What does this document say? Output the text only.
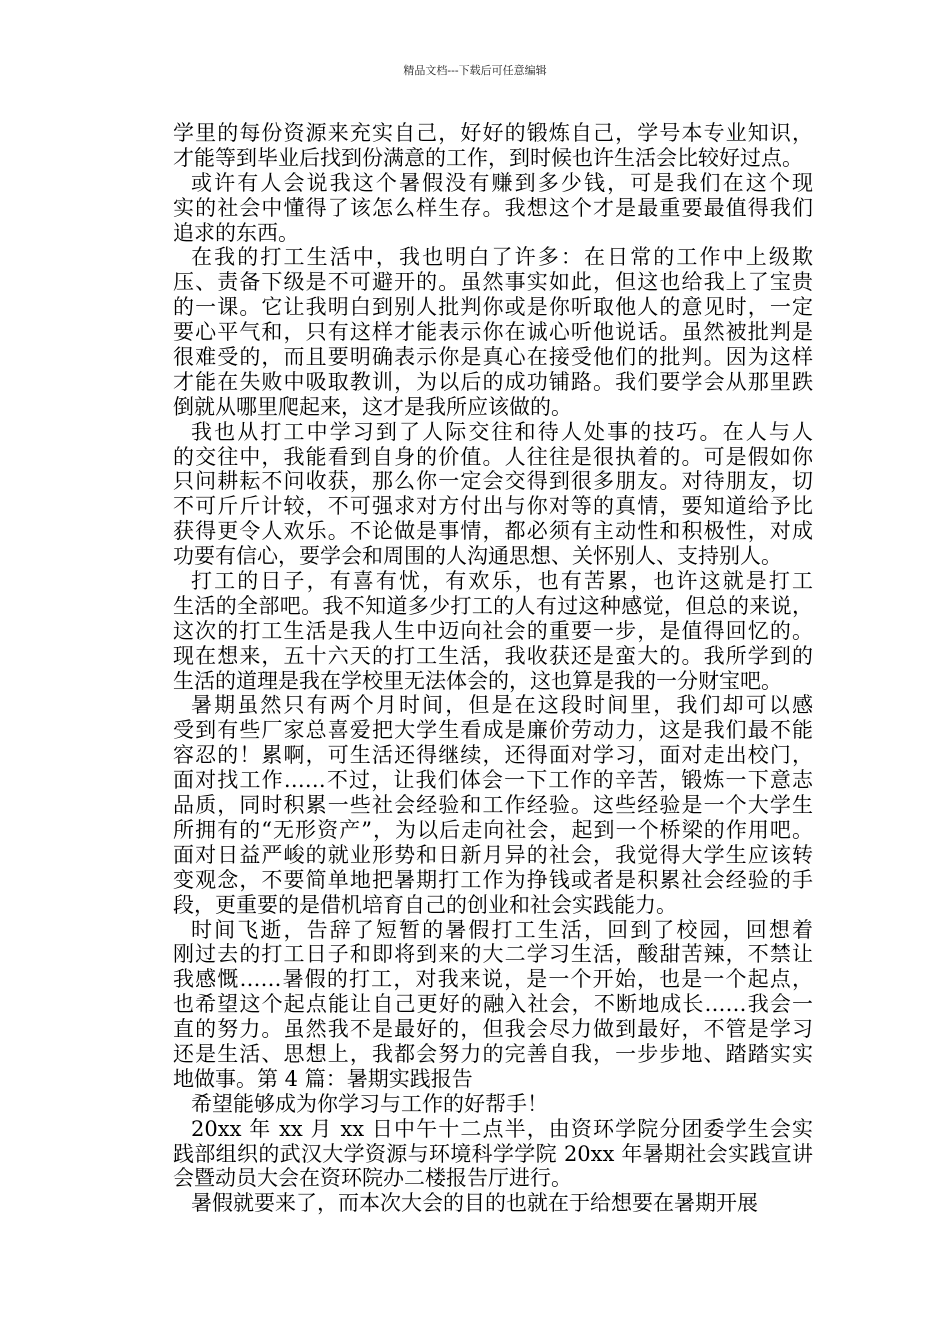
精品文档---下载后可任意编辑
学里的每份资源来充实自己，好好的锻炼自己，学号本专业知识，
才能等到毕业后找到份满意的工作，到时候也许生活会比较好过点。
或许有人会说我这个暑假没有赚到多少钱，可是我们在这个现
实的社会中懂得了该怎么样生存。我想这个才是最重要最值得我们
追求的东西。
在我的打工生活中，我也明白了许多：在日常的工作中上级欺
压、责备下级是不可避开的。虽然事实如此，但这也给我上了宝贵
的一课。它让我明白到别人批判你或是你听取他人的意见时，一定
要心平气和，只有这样才能表示你在诚心听他说话。虽然被批判是
很难受的，而且要明确表示你是真心在接受他们的批判。因为这样
才能在失败中吸取教训，为以后的成功铺路。我们要学会从那里跌
倒就从哪里爬起来，这才是我所应该做的。
我也从打工中学习到了人际交往和待人处事的技巧。在人与人
的交往中，我能看到自身的价值。人往往是很执着的。可是假如你
只问耕耘不问收获，那么你一定会交得到很多朋友。对待朋友，切
不可斤斤计较，不可强求对方付出与你对等的真情，要知道给予比
获得更令人欢乐。不论做是事情，都必须有主动性和积极性，对成
功要有信心，要学会和周围的人沟通思想、关怀别人、支持别人。
打工的日子，有喜有忧，有欢乐，也有苦累，也许这就是打工
生活的全部吧。我不知道多少打工的人有过这种感觉，但总的来说，
这次的打工生活是我人生中迈向社会的重要一步，是值得回忆的。
现在想来，五十六天的打工生活，我收获还是蛮大的。我所学到的
生活的道理是我在学校里无法体会的，这也算是我的一分财宝吧。
暑期虽然只有两个月时间，但是在这段时间里，我们却可以感
受到有些厂家总喜爱把大学生看成是廉价劳动力，这是我们最不能
容忍的！累啊，可生活还得继续，还得面对学习，面对走出校门，
面对找工作……不过，让我们体会一下工作的辛苦，锻炼一下意志
品质，同时积累一些社会经验和工作经验。这些经验是一个大学生
所拥有的“无形资产”，为以后走向社会，起到一个桥梁的作用吧。
面对日益严峻的就业形势和日新月异的社会，我觉得大学生应该转
变观念，不要简单地把暑期打工作为挣钱或者是积累社会经验的手
段，更重要的是借机培育自己的创业和社会实践能力。
时间飞逝，告辞了短暂的暑假打工生活，回到了校园，回想着
刚过去的打工日子和即将到来的大二学习生活，酸甜苦辣，不禁让
我感慨……暑假的打工，对我来说，是一个开始，也是一个起点，
也希望这个起点能让自己更好的融入社会，不断地成长……我会一
直的努力。虽然我不是最好的，但我会尽力做到最好，不管是学习
还是生活、思想上，我都会努力的完善自我，一步步地、踏踏实实
地做事。第 4 篇：暑期实践报告
希望能够成为你学习与工作的好帮手！
20xx 年 xx 月 xx 日中午十二点半，由资环学院分团委学生会实
践部组织的武汉大学资源与环境科学学院 20xx 年暑期社会实践宣讲
会暨动员大会在资环院办二楼报告厅进行。
暑假就要来了，而本次大会的目的也就在于给想要在暑期开展
